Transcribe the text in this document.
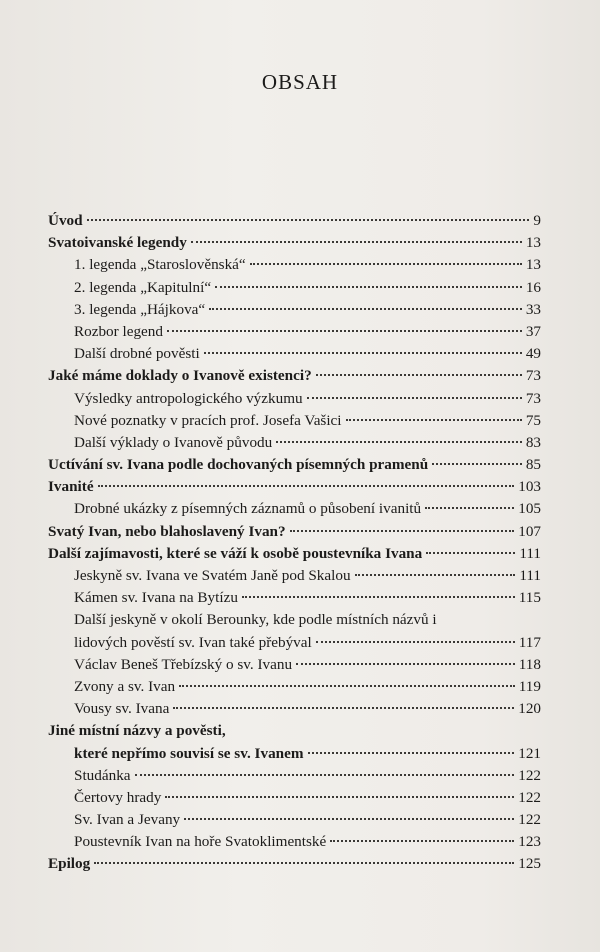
OBSAH
Úvod	9
Svatoivanské legendy	13
1. legenda „Staroslověnská“	13
2. legenda „Kapitulní“	16
3. legenda „Hájkova“	33
Rozbor legend	37
Další drobné pověsti	49
Jaké máme doklady o Ivanově existenci?	73
Výsledky antropologického výzkumu	73
Nové poznatky v pracích prof. Josefa Vašici	75
Další výklady o Ivanově původu	83
Uctívání sv. Ivana podle dochovaných písemných pramenů	85
Ivanité	103
Drobné ukázky z písemných záznamů o působení ivanitů	105
Svatý Ivan, nebo blahoslavený Ivan?	107
Další zajímavosti, které se váží k osobě poustevníka Ivana	111
Jeskyně sv. Ivana ve Svatém Janě pod Skalou	111
Kámen sv. Ivana na Bytízu	115
Další jeskyně v okolí Berounky, kde podle místních názvů i
lidových pověstí sv. Ivan také přebýval	117
Václav Beneš Třebízský o sv. Ivanu	118
Zvony a sv. Ivan	119
Vousy sv. Ivana	120
Jiné místní názvy a pověsti,
které nepřímo souvisí se sv. Ivanem	121
Studánka	122
Čertovy hrady	122
Sv. Ivan a Jevany	122
Poustevník Ivan na hoře Svatoklimentské	123
Epilog	125
